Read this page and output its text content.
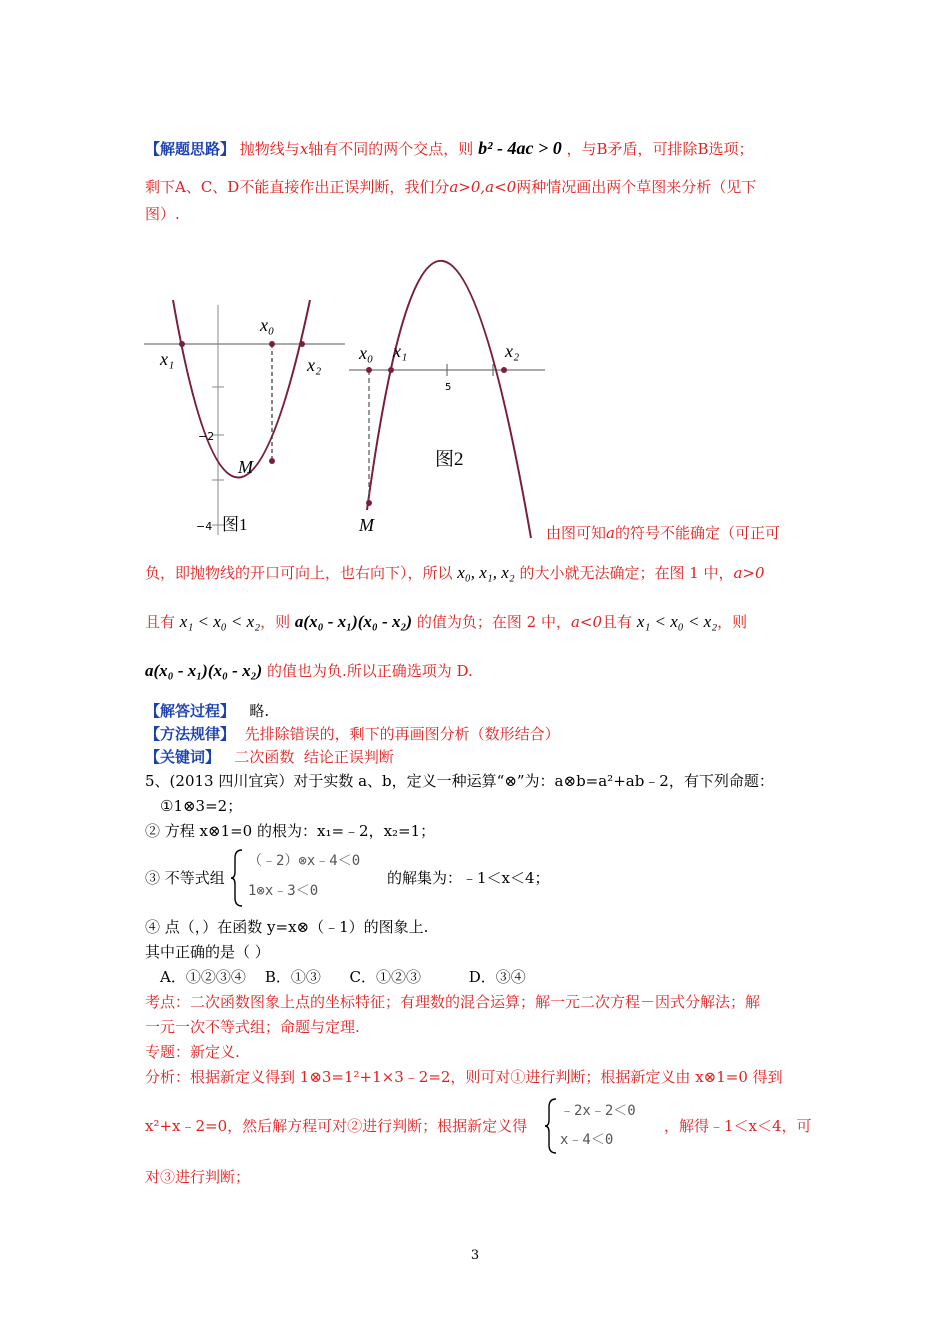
【解题思路】 抛物线与x轴有不同的两个交点，则 b² - 4ac > 0 ，与B矛盾，可排除B选项；
剩下A、C、D不能直接作出正误判断，我们分a>0,a<0两种情况画出两个草图来分析（见下
图）.
x₁
x₀
x₂
M
−2
−4 图1
x₀ x₁	x₂
5
图2
M	由图可知a的符号不能确定（可正可
负，即抛物线的开口可向上，也右向下），所以 x₀, x₁, x₂ 的大小就无法确定；在图 1 中，a>0
且有 x₁ < x₀ < x₂，则 a(x₀ - x₁)(x₀ - x₂) 的值为负；在图 2 中，a<0且有 x₁ < x₀ < x₂，则
a(x₀ - x₁)(x₀ - x₂) 的值也为负.所以正确选项为 D.
【解答过程】 略.
【方法规律】 先排除错误的，剩下的再画图分析（数形结合）
【关键词】 二次函数  结论正误判断
5、(2013 四川宜宾）对于实数 a、b，定义一种运算“⊗”为：a⊗b=a²+ab﹣2，有下列命题：
①1⊗3=2；
② 方程 x⊗1=0 的根为：x₁=﹣2，x₂=1；
③ 不等式组
（﹣2）⊗x﹣4＜0
1⊗x﹣3＜0
的解集为：﹣1＜x＜4；
④ 点（，）在函数 y=x⊗（﹣1）的图象上.
其中正确的是（ ）
A．①②③④    B．①③      C．①②③          D．③④
考点：二次函数图象上点的坐标特征；有理数的混合运算；解一元二次方程－因式分解法；解
一元一次不等式组；命题与定理.
专题：新定义.
分析：根据新定义得到 1⊗3=1²+1×3﹣2=2，则可对①进行判断；根据新定义由 x⊗1=0 得到
x²+x﹣2=0，然后解方程可对②进行判断；根据新定义得
﹣2x﹣2＜0
x﹣4＜0
，解得﹣1＜x＜4，可
对③进行判断；
3
